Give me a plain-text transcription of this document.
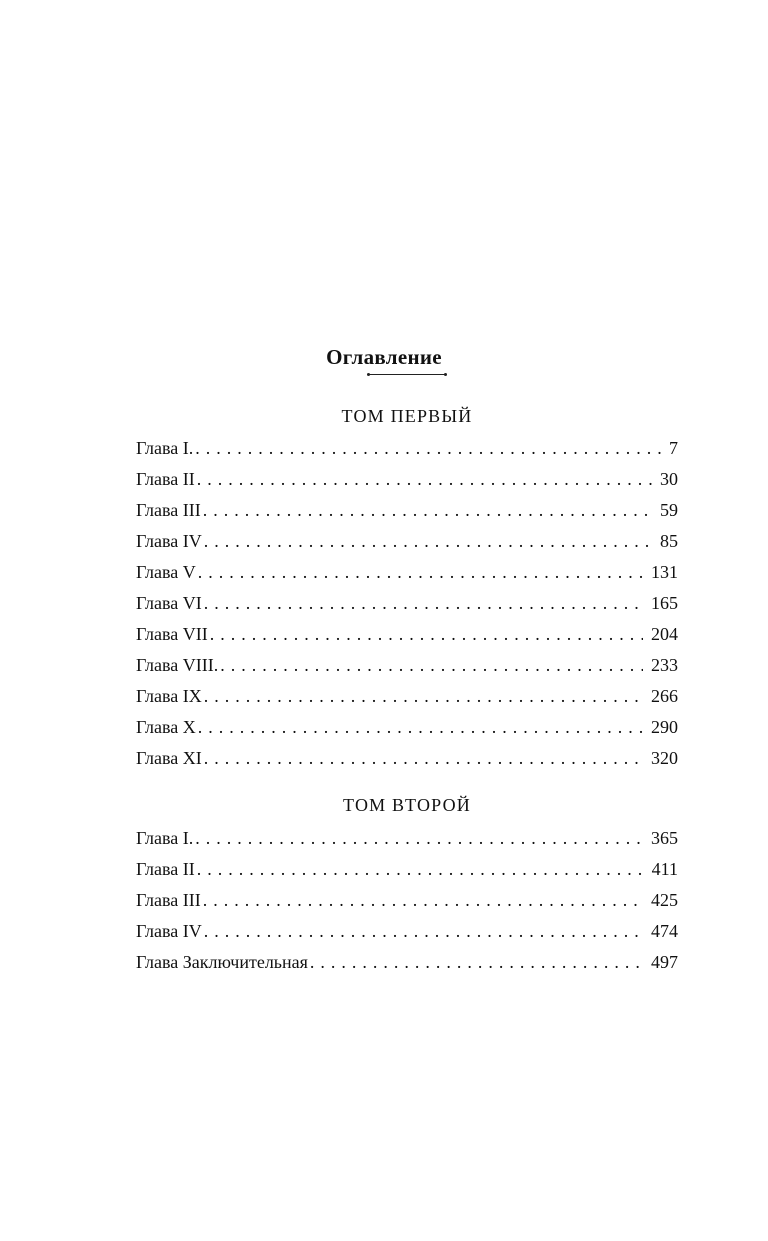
Оглавление
ТОМ ПЕРВЫЙ
Глава I. . . .	7
Глава II . . .	30
Глава III . . .	59
Глава IV . . .	85
Глава V . . .	131
Глава VI . . .	165
Глава VII . . .	204
Глава VIII. . . .	233
Глава IX . . .	266
Глава X . . .	290
Глава XI . . .	320
ТОМ ВТОРОЙ
Глава I. . . .	365
Глава II . . .	411
Глава III . . .	425
Глава IV . . .	474
Глава Заключительная . . .	497
